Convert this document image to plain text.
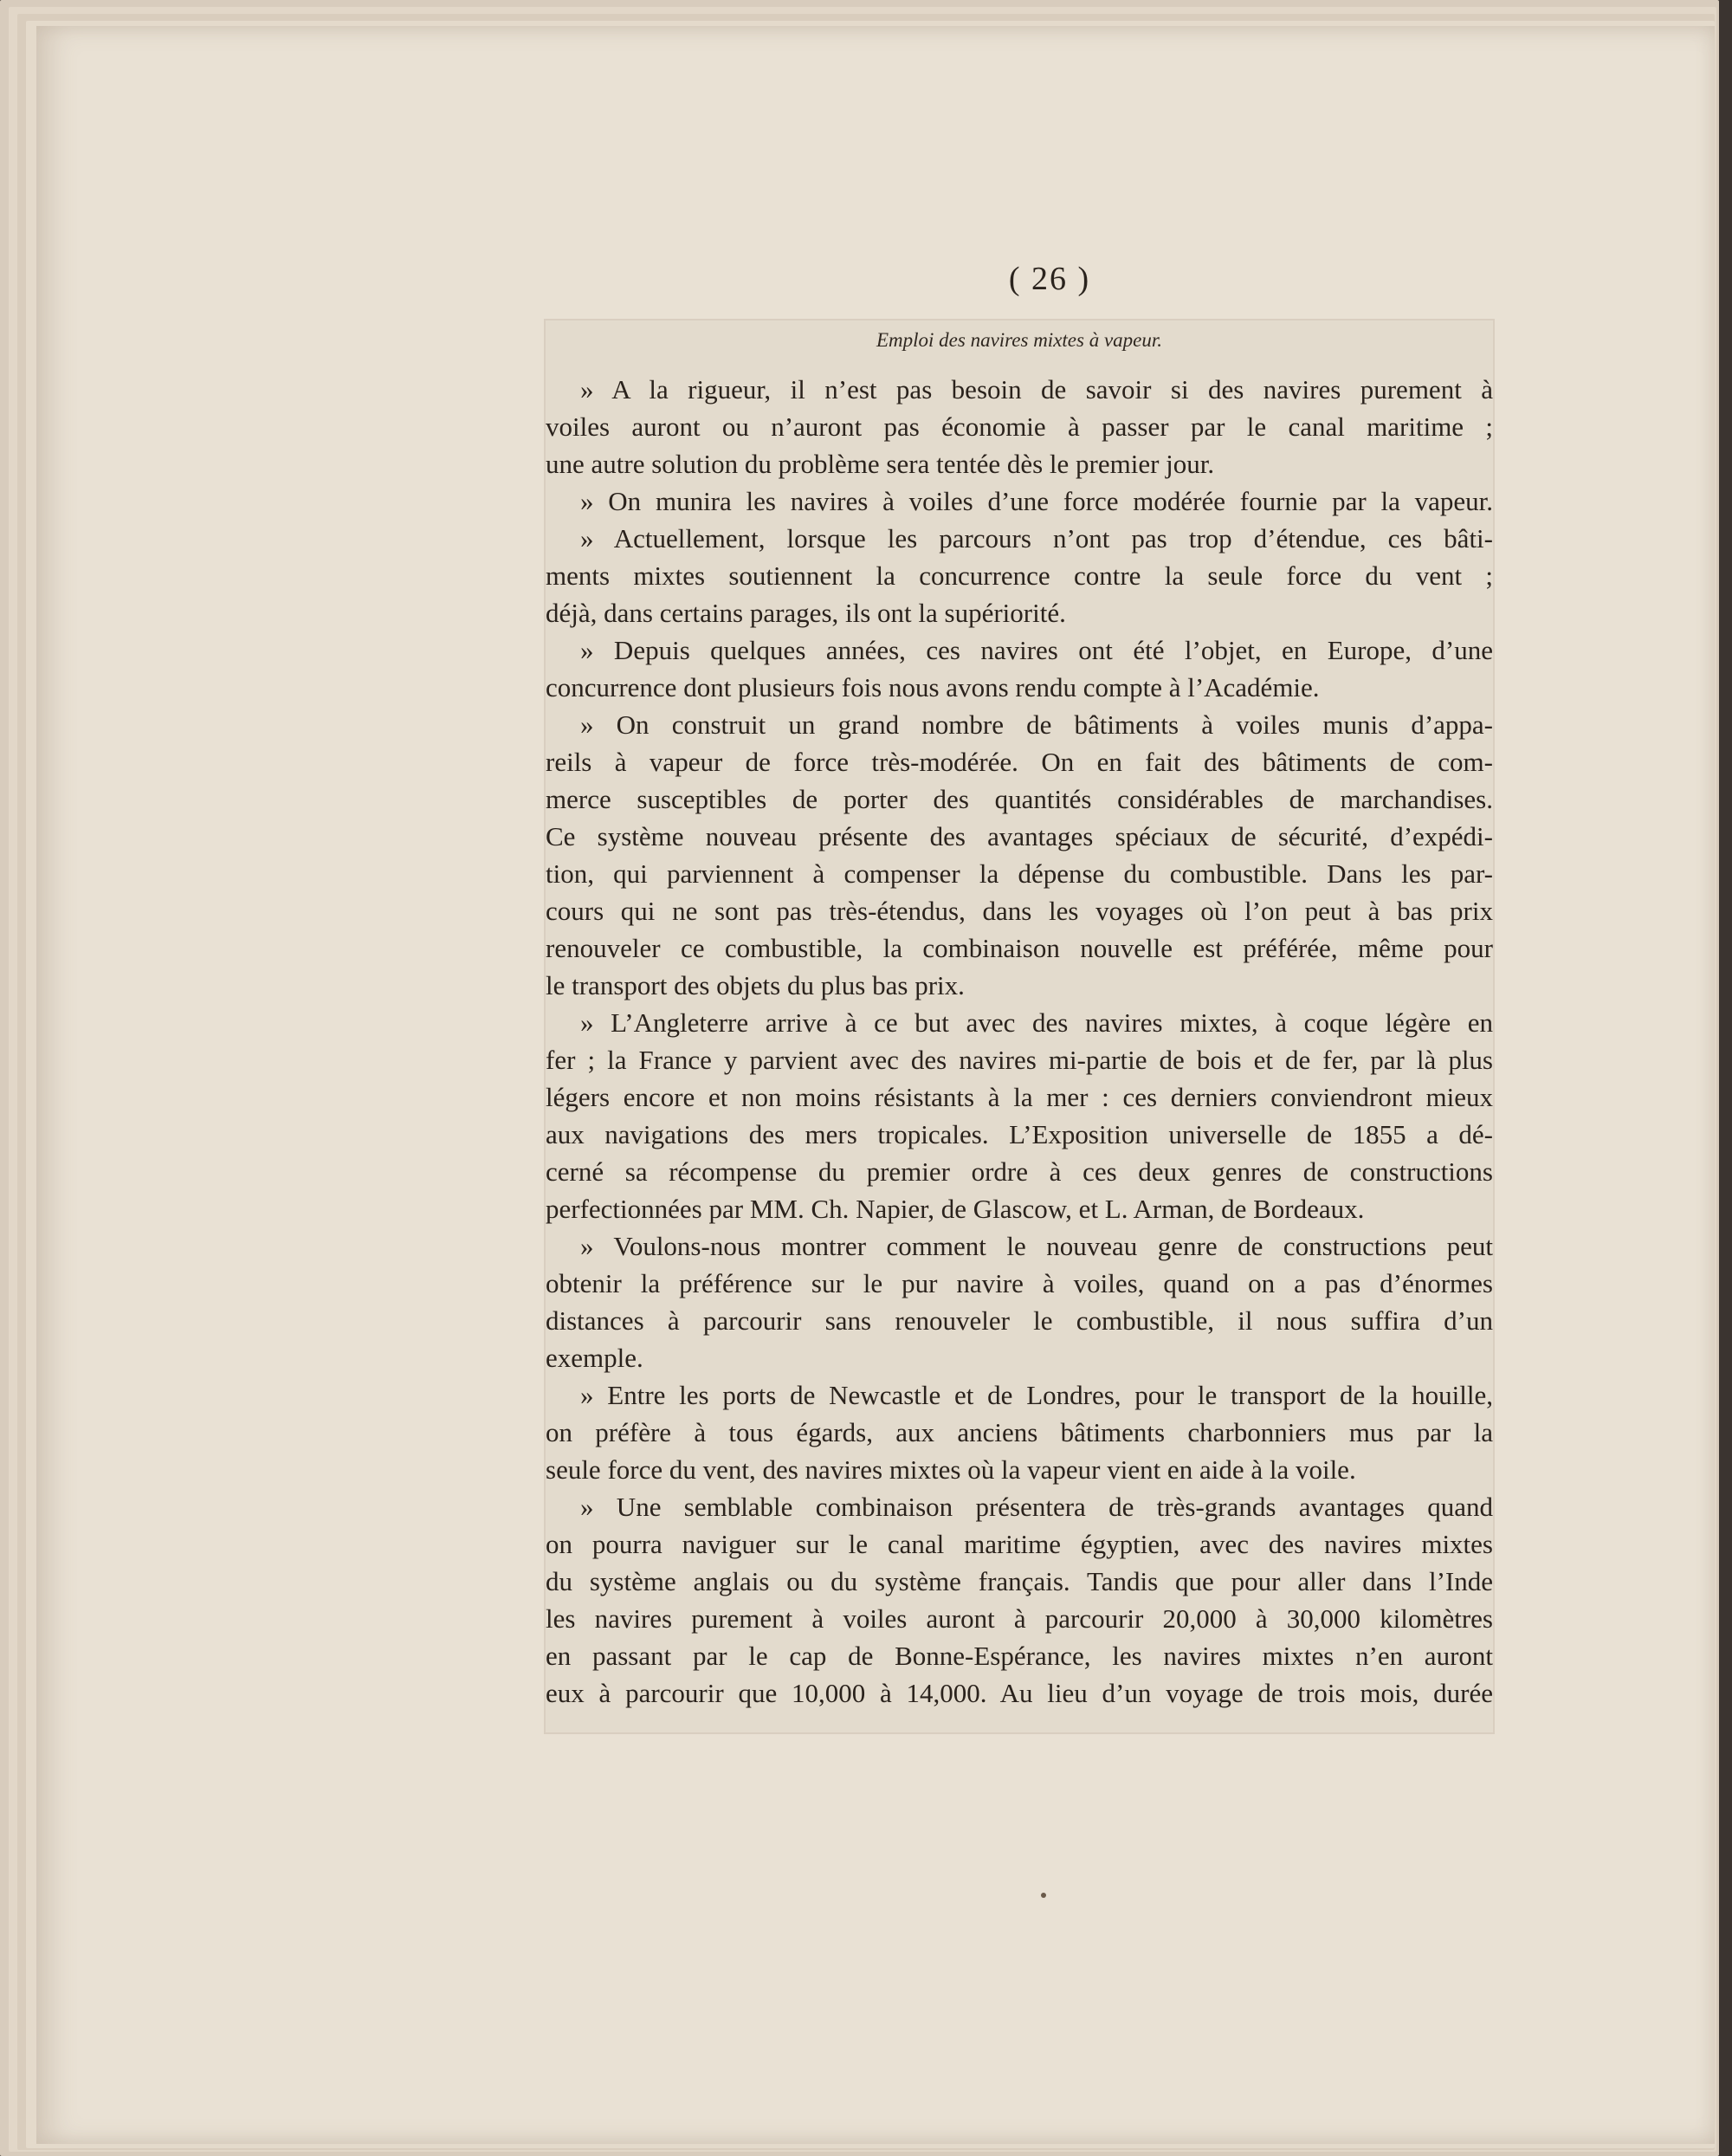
( 26 )
Emploi des navires mixtes à vapeur.
» A la rigueur, il n’est pas besoin de savoir si des navires purement à
voiles auront ou n’auront pas économie à passer par le canal maritime ;
une autre solution du problème sera tentée dès le premier jour.
» On munira les navires à voiles d’une force modérée fournie par la vapeur.
» Actuellement, lorsque les parcours n’ont pas trop d’étendue, ces bâti-
ments mixtes soutiennent la concurrence contre la seule force du vent ;
déjà, dans certains parages, ils ont la supériorité.
» Depuis quelques années, ces navires ont été l’objet, en Europe, d’une
concurrence dont plusieurs fois nous avons rendu compte à l’Académie.
» On construit un grand nombre de bâtiments à voiles munis d’appa-
reils à vapeur de force très-modérée. On en fait des bâtiments de com-
merce susceptibles de porter des quantités considérables de marchandises.
Ce système nouveau présente des avantages spéciaux de sécurité, d’expédi-
tion, qui parviennent à compenser la dépense du combustible. Dans les par-
cours qui ne sont pas très-étendus, dans les voyages où l’on peut à bas prix
renouveler ce combustible, la combinaison nouvelle est préférée, même pour
le transport des objets du plus bas prix.
» L’Angleterre arrive à ce but avec des navires mixtes, à coque légère en
fer ; la France y parvient avec des navires mi-partie de bois et de fer, par là plus
légers encore et non moins résistants à la mer : ces derniers conviendront mieux
aux navigations des mers tropicales. L’Exposition universelle de 1855 a dé-
cerné sa récompense du premier ordre à ces deux genres de constructions
perfectionnées par MM. Ch. Napier, de Glascow, et L. Arman, de Bordeaux.
» Voulons-nous montrer comment le nouveau genre de constructions peut
obtenir la préférence sur le pur navire à voiles, quand on a pas d’énormes
distances à parcourir sans renouveler le combustible, il nous suffira d’un
exemple.
» Entre les ports de Newcastle et de Londres, pour le transport de la houille,
on préfère à tous égards, aux anciens bâtiments charbonniers mus par la
seule force du vent, des navires mixtes où la vapeur vient en aide à la voile.
» Une semblable combinaison présentera de très-grands avantages quand
on pourra naviguer sur le canal maritime égyptien, avec des navires mixtes
du système anglais ou du système français. Tandis que pour aller dans l’Inde
les navires purement à voiles auront à parcourir 20,000 à 30,000 kilomètres
en passant par le cap de Bonne-Espérance, les navires mixtes n’en auront
eux à parcourir que 10,000 à 14,000. Au lieu d’un voyage de trois mois, durée
